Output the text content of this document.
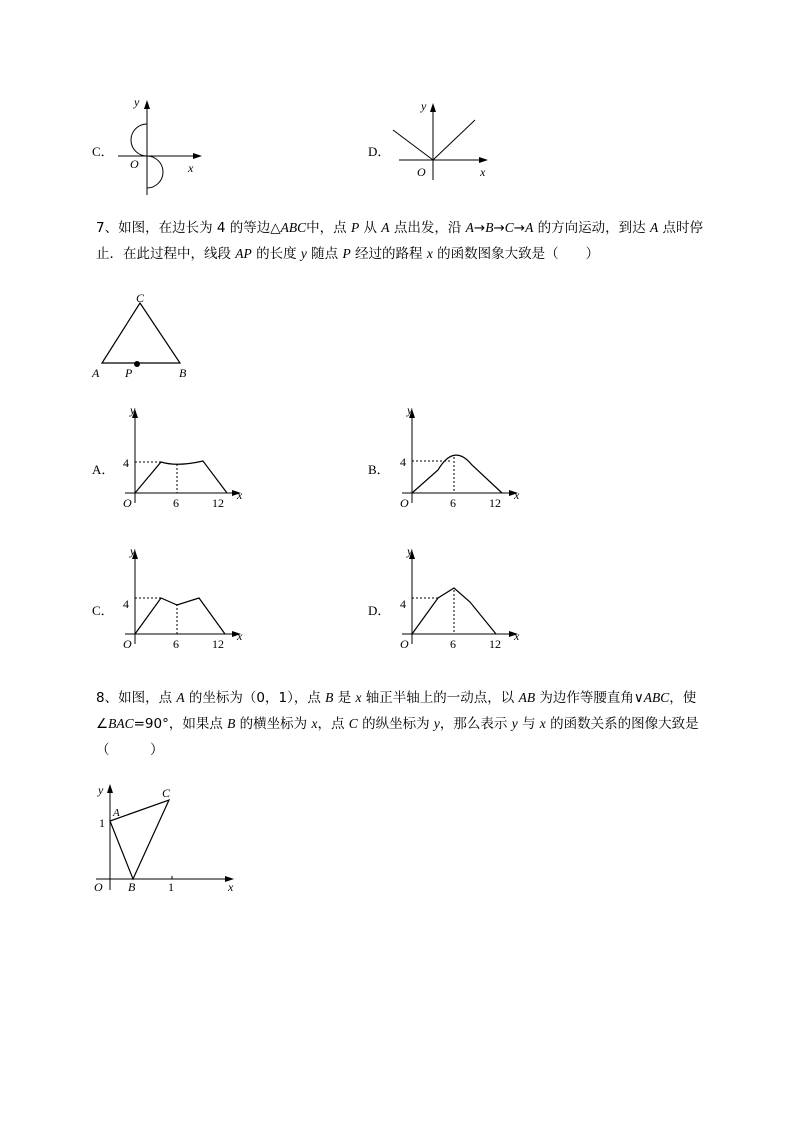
C．
y
x
O
D．
y
x
O
7、如图，在边长为 4 的等边△ABC中，点 P 从 A 点出发，沿 A→B→C→A 的方向运动，到达 A 点时停
止．在此过程中，线段 AP 的长度 y 随点 P 经过的路程 x 的函数图象大致是（　　）
C
A P	B
A．
y
x
O
4
6	12
B．
y
x
O
4
6	12
C．
y
x
O
4
6	12
D．
y
x
O
4
6	12
8、如图，点 A 的坐标为（0，1），点 B 是 x 轴正半轴上的一动点，以 AB 为边作等腰直角∨ABC，使
∠BAC=90°，如果点 B 的横坐标为 x，点 C 的纵坐标为 y，那么表示 y 与 x 的函数关系的图像大致是
（　　　）
y
x
O
1
1
A
B
C
